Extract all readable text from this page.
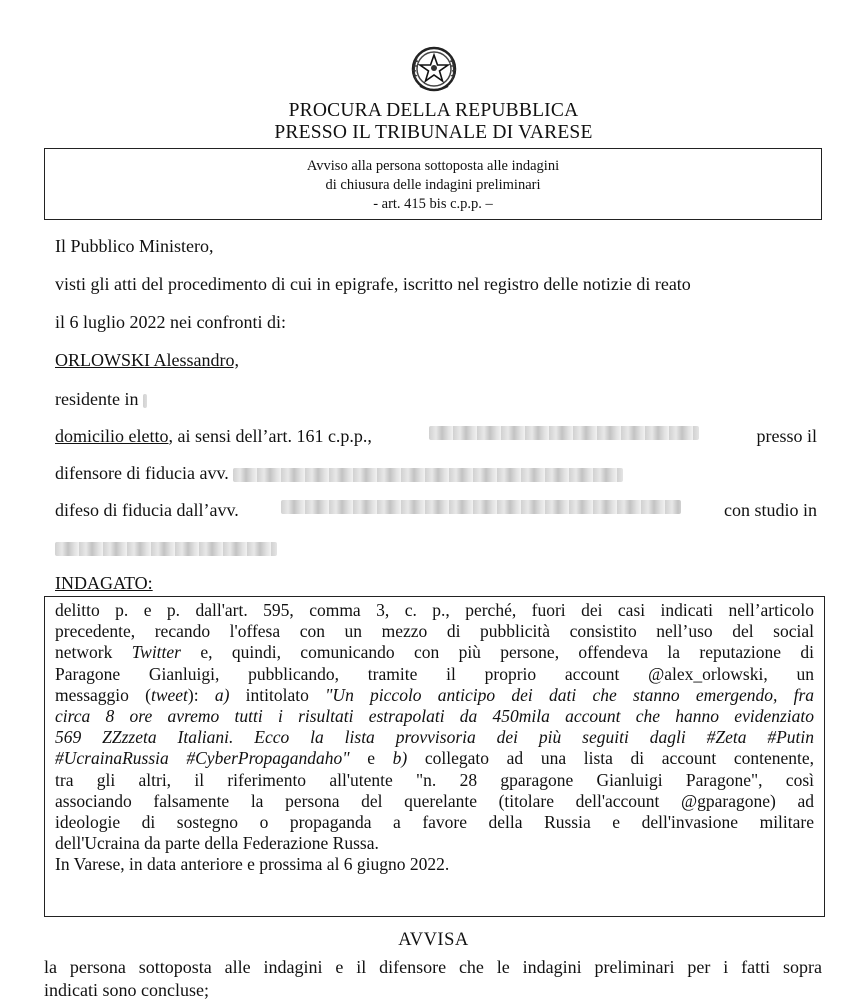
PROCURA DELLA REPUBBLICA
PRESSO IL TRIBUNALE DI VARESE
Avviso alla persona sottoposta alle indagini
di chiusura delle indagini preliminari
- art. 415 bis c.p.p. –
Il Pubblico Ministero,
visti gli atti del procedimento di cui in epigrafe, iscritto nel registro delle notizie di reato
il 6 luglio 2022 nei confronti di:
ORLOWSKI Alessandro,
residente in
domicilio eletto, ai sensi dell’art. 161 c.p.p.,	presso il
difensore di fiducia avv.
difeso di fiducia dall’avv.	con studio in
INDAGATO:
delitto p. e p. dall'art. 595, comma 3, c. p., perché, fuori dei casi indicati nell’articolo
precedente, recando l'offesa con un mezzo di pubblicità consistito nell’uso del social
network Twitter e, quindi, comunicando con più persone, offendeva la reputazione di
Paragone Gianluigi, pubblicando, tramite il proprio account @alex_orlowski, un
messaggio (tweet): a) intitolato "Un piccolo anticipo dei dati che stanno emergendo, fra
circa 8 ore avremo tutti i risultati estrapolati da 450mila account che hanno evidenziato
569 ZZzzeta Italiani. Ecco la lista provvisoria dei più seguiti dagli #Zeta #Putin
#UcrainaRussia #CyberPropagandaho" e b) collegato ad una lista di account contenente,
tra gli altri, il riferimento all'utente "n. 28 gparagone Gianluigi Paragone", così
associando falsamente la persona del querelante (titolare dell'account @gparagone) ad
ideologie di sostegno o propaganda a favore della Russia e dell'invasione militare
dell'Ucraina da parte della Federazione Russa.
In Varese, in data anteriore e prossima al 6 giugno 2022.
AVVISA
la persona sottoposta alle indagini e il difensore che le indagini preliminari per i fatti sopra
indicati sono concluse;
